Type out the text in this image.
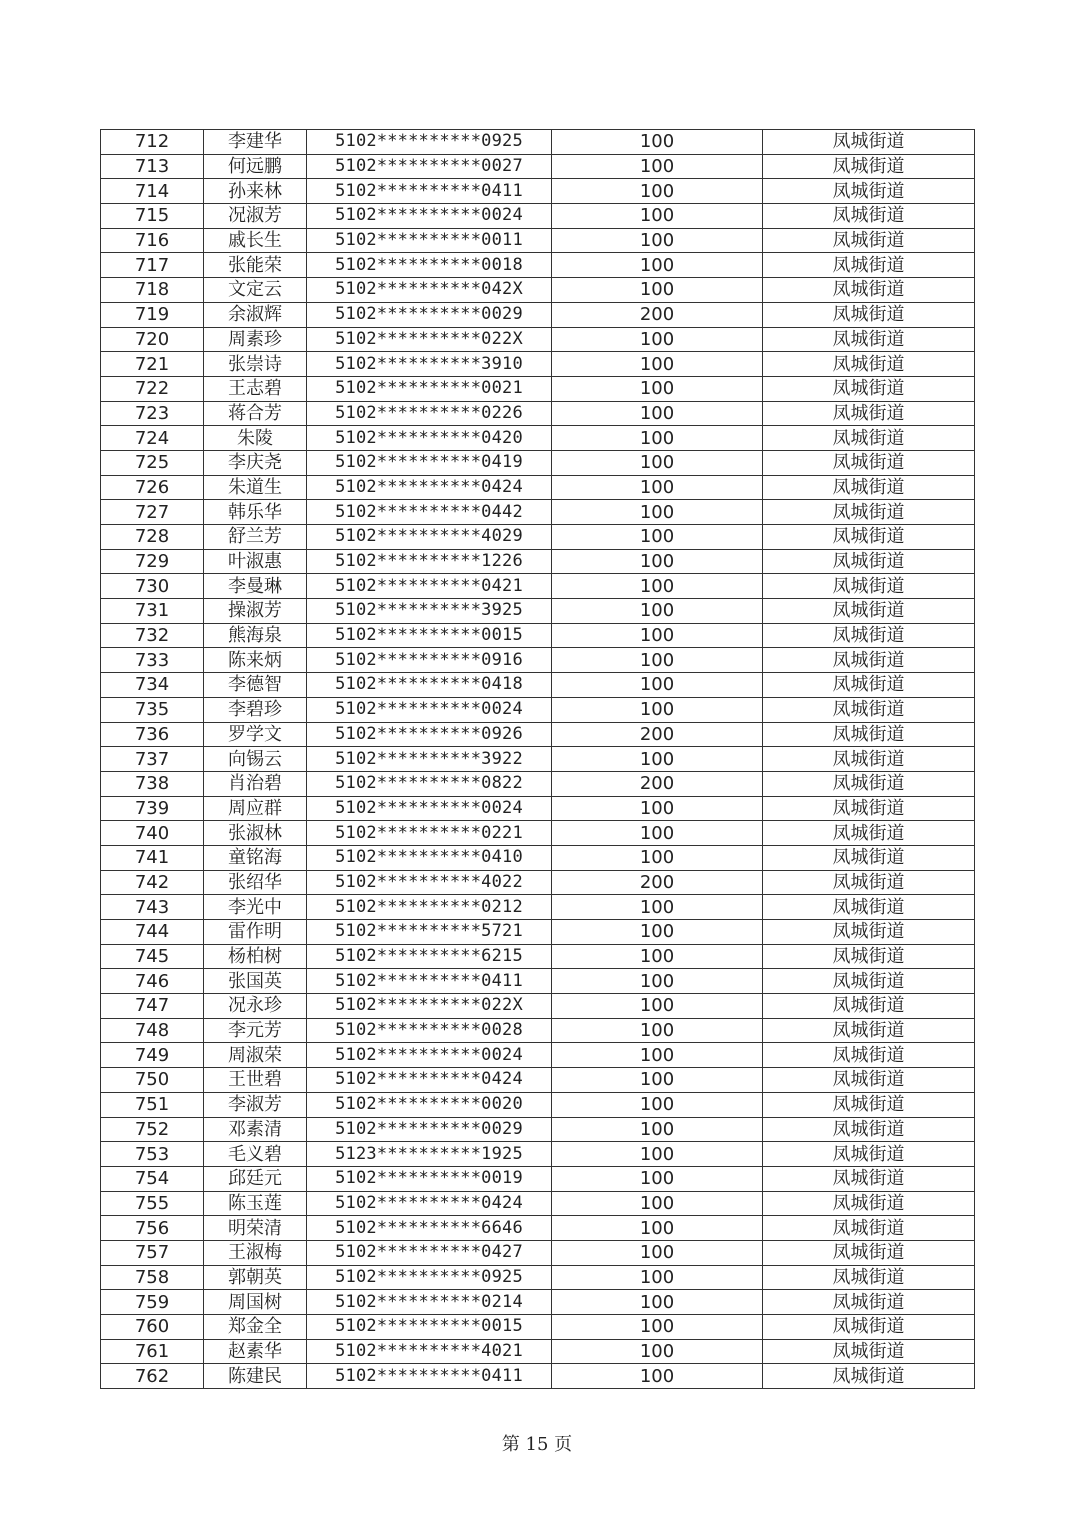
712	李建华	5102**********0925	100	凤城街道
713	何远鹏	5102**********0027	100	凤城街道
714	孙来林	5102**********0411	100	凤城街道
715	况淑芳	5102**********0024	100	凤城街道
716	戚长生	5102**********0011	100	凤城街道
717	张能荣	5102**********0018	100	凤城街道
718	文定云	5102**********042X	100	凤城街道
719	余淑辉	5102**********0029	200	凤城街道
720	周素珍	5102**********022X	100	凤城街道
721	张崇诗	5102**********3910	100	凤城街道
722	王志碧	5102**********0021	100	凤城街道
723	蒋合芳	5102**********0226	100	凤城街道
724	朱陵	5102**********0420	100	凤城街道
725	李庆尧	5102**********0419	100	凤城街道
726	朱道生	5102**********0424	100	凤城街道
727	韩乐华	5102**********0442	100	凤城街道
728	舒兰芳	5102**********4029	100	凤城街道
729	叶淑惠	5102**********1226	100	凤城街道
730	李曼琳	5102**********0421	100	凤城街道
731	操淑芳	5102**********3925	100	凤城街道
732	熊海泉	5102**********0015	100	凤城街道
733	陈来炳	5102**********0916	100	凤城街道
734	李德智	5102**********0418	100	凤城街道
735	李碧珍	5102**********0024	100	凤城街道
736	罗学文	5102**********0926	200	凤城街道
737	向锡云	5102**********3922	100	凤城街道
738	肖治碧	5102**********0822	200	凤城街道
739	周应群	5102**********0024	100	凤城街道
740	张淑林	5102**********0221	100	凤城街道
741	童铭海	5102**********0410	100	凤城街道
742	张绍华	5102**********4022	200	凤城街道
743	李光中	5102**********0212	100	凤城街道
744	雷作明	5102**********5721	100	凤城街道
745	杨柏树	5102**********6215	100	凤城街道
746	张国英	5102**********0411	100	凤城街道
747	况永珍	5102**********022X	100	凤城街道
748	李元芳	5102**********0028	100	凤城街道
749	周淑荣	5102**********0024	100	凤城街道
750	王世碧	5102**********0424	100	凤城街道
751	李淑芳	5102**********0020	100	凤城街道
752	邓素清	5102**********0029	100	凤城街道
753	毛义碧	5123**********1925	100	凤城街道
754	邱廷元	5102**********0019	100	凤城街道
755	陈玉莲	5102**********0424	100	凤城街道
756	明荣清	5102**********6646	100	凤城街道
757	王淑梅	5102**********0427	100	凤城街道
758	郭朝英	5102**********0925	100	凤城街道
759	周国树	5102**********0214	100	凤城街道
760	郑金全	5102**********0015	100	凤城街道
761	赵素华	5102**********4021	100	凤城街道
762	陈建民	5102**********0411	100	凤城街道
第 15 页
